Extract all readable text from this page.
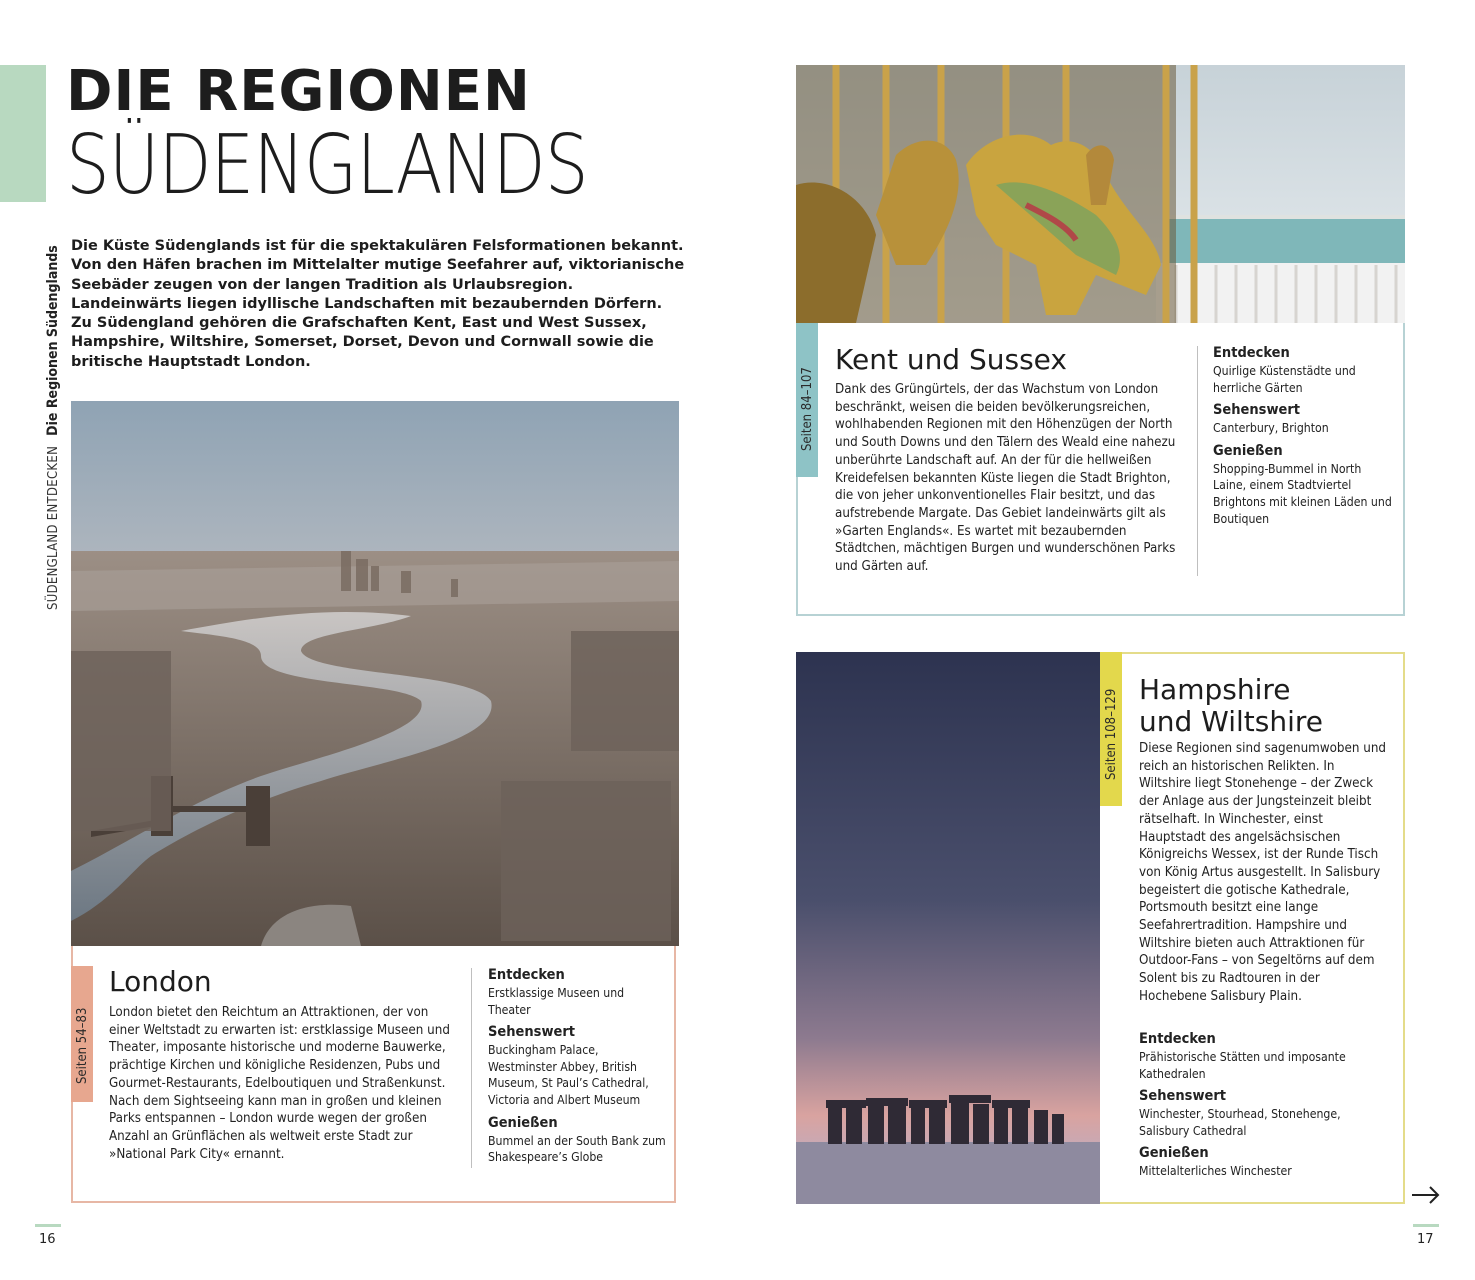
SÜDENGLAND ENTDECKENDie Regionen Südenglands
DIE REGIONEN
SÜDENGLANDS
Die Küste Südenglands ist für die spektakulären Felsformationen bekannt. Von den Häfen brachen im Mittelalter mutige Seefahrer auf, viktorianische Seebäder zeugen von der langen Tradition als Urlaubsregion. Landeinwärts liegen idyllische Landschaften mit bezaubernden Dörfern. Zu Südengland gehören die Grafschaften Kent, East und West Sussex, Hampshire, Wiltshire, Somerset, Dorset, Devon und Cornwall sowie die britische Hauptstadt London.
Seiten 54–83
London
London bietet den Reichtum an Attraktionen, der von einer Weltstadt zu erwarten ist: erstklassige Museen und Theater, imposante historische und moderne Bauwerke, prächtige Kirchen und königliche Residenzen, Pubs und Gourmet-Restaurants, Edelboutiquen und Straßenkunst. Nach dem Sightseeing kann man in großen und kleinen Parks entspannen – London wurde wegen der großen Anzahl an Grünflächen als weltweit erste Stadt zur »National Park City« ernannt.
Entdecken
Erstklassige Museen und Theater
Sehenswert
Buckingham Palace, Westminster Abbey, British Museum, St Paul’s Cathedral, Victoria and Albert Museum
Genießen
Bummel an der South Bank zum Shakespeare’s Globe
Seiten 84–107
Kent und Sussex
Dank des Grüngürtels, der das Wachstum von London beschränkt, weisen die beiden bevölkerungsreichen, wohlhabenden Regionen mit den Höhenzügen der North und South Downs und den Tälern des Weald eine nahezu unberührte Landschaft auf. An der für die hellweißen Kreidefelsen bekannten Küste liegen die Stadt Brighton, die von jeher unkonventionelles Flair besitzt, und das aufstrebende Margate. Das Gebiet landeinwärts gilt als »Garten Englands«. Es wartet mit bezaubernden Städtchen, mächtigen Burgen und wunderschönen Parks und Gärten auf.
Entdecken
Quirlige Küstenstädte und herrliche Gärten
Sehenswert
Canterbury, Brighton
Genießen
Shopping-Bummel in North Laine, einem Stadtviertel Brightons mit kleinen Läden und Boutiquen
Seiten 108–129 Hampshire
und Wiltshire
Diese Regionen sind sagenumwoben und reich an historischen Relikten. In Wiltshire liegt Stonehenge – der Zweck der Anlage aus der Jungsteinzeit bleibt rätselhaft. In Winchester, einst Hauptstadt des angelsächsischen Königreichs Wessex, ist der Runde Tisch von König Artus ausgestellt. In Salisbury begeistert die gotische Kathedrale, Portsmouth besitzt eine lange Seefahrertradition. Hampshire und Wiltshire bieten auch Attraktionen für Outdoor-Fans – von Segeltörns auf dem Solent bis zu Radtouren in der Hochebene Salisbury Plain.
Entdecken
Prähistorische Stätten und imposante Kathedralen
Sehenswert
Winchester, Stourhead, Stonehenge, Salisbury Cathedral
Genießen
Mittelalterliches Winchester
16	17
